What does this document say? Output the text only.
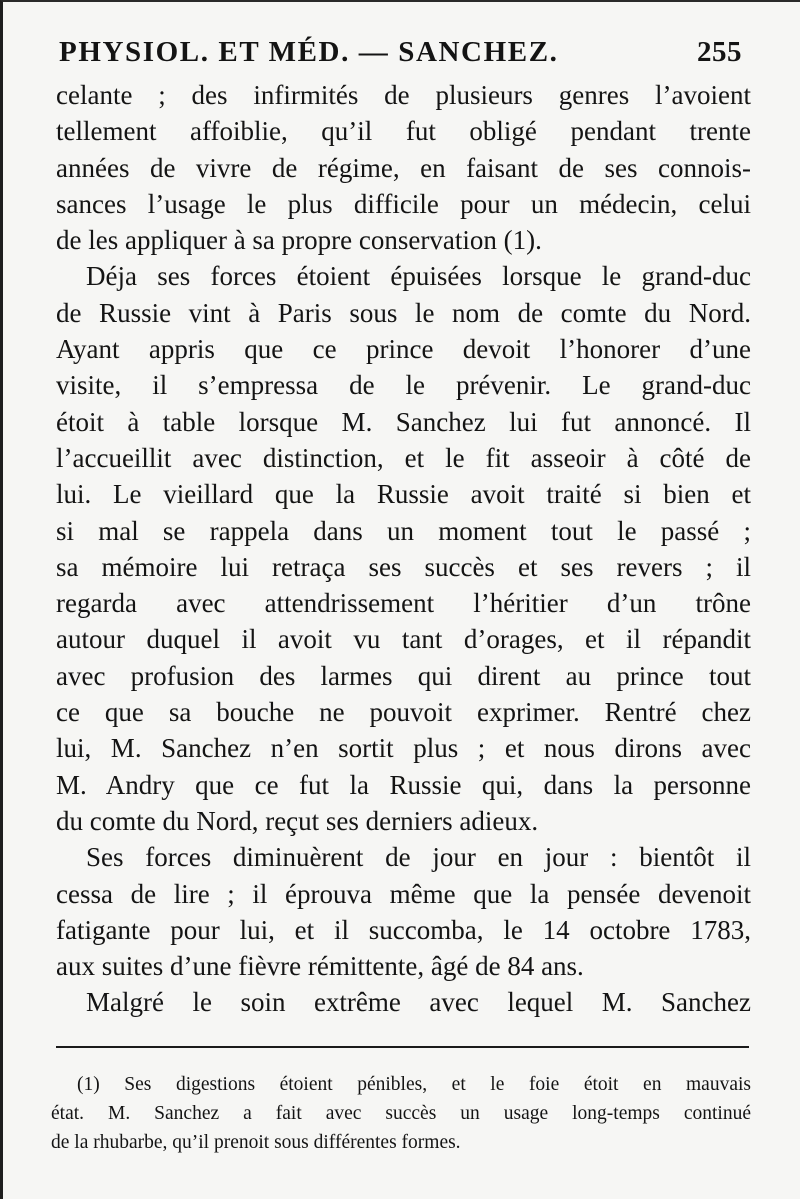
PHYSIOL. ET MÉD. — SANCHEZ.	255

celante ; des infirmités de plusieurs genres l’avoient
tellement affoiblie, qu’il fut obligé pendant trente
années de vivre de régime, en faisant de ses connois-
sances l’usage le plus difficile pour un médecin, celui
de les appliquer à sa propre conservation (1).

Déja ses forces étoient épuisées lorsque le grand-duc
de Russie vint à Paris sous le nom de comte du Nord.
Ayant appris que ce prince devoit l’honorer d’une
visite, il s’empressa de le prévenir. Le grand-duc
étoit à table lorsque M. Sanchez lui fut annoncé. Il
l’accueillit avec distinction, et le fit asseoir à côté de
lui. Le vieillard que la Russie avoit traité si bien et
si mal se rappela dans un moment tout le passé ;
sa mémoire lui retraça ses succès et ses revers ; il
regarda avec attendrissement l’héritier d’un trône
autour duquel il avoit vu tant d’orages, et il répandit
avec profusion des larmes qui dirent au prince tout
ce que sa bouche ne pouvoit exprimer. Rentré chez
lui, M. Sanchez n’en sortit plus ; et nous dirons avec
M. Andry que ce fut la Russie qui, dans la personne
du comte du Nord, reçut ses derniers adieux.

Ses forces diminuèrent de jour en jour : bientôt il
cessa de lire ; il éprouva même que la pensée devenoit
fatigante pour lui, et il succomba, le 14 octobre 1783,
aux suites d’une fièvre rémittente, âgé de 84 ans.

Malgré le soin extrême avec lequel M. Sanchez

(1) Ses digestions étoient pénibles, et le foie étoit en mauvais
état. M. Sanchez a fait avec succès un usage long-temps continué
de la rhubarbe, qu’il prenoit sous différentes formes.
